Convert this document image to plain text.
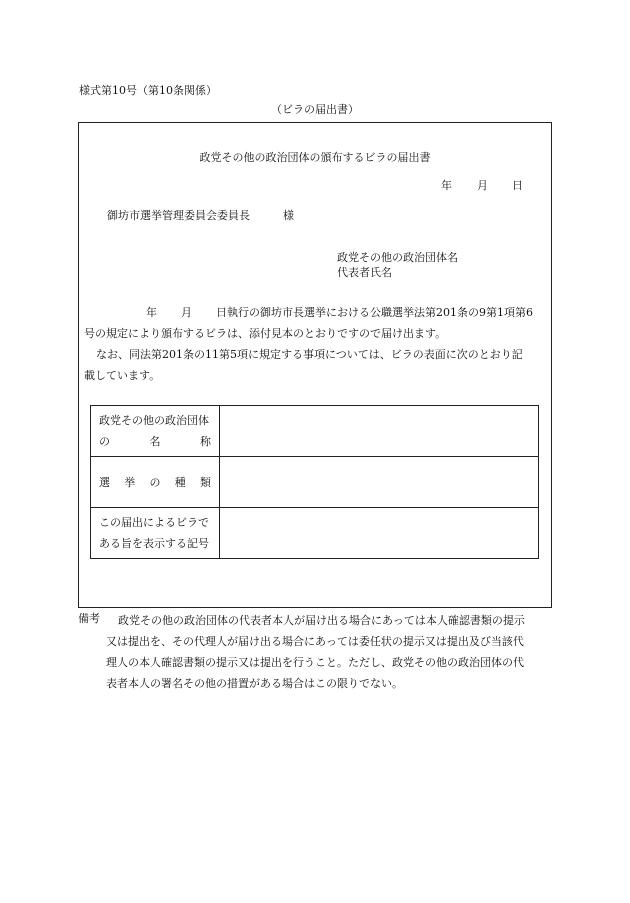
様式第10号（第10条関係）
（ビラの届出書）
政党その他の政治団体の頒布するビラの届出書
年 月 日
御坊市選挙管理委員会委員長	様
政党その他の政治団体名
代表者氏名
年 月 日執行の御坊市長選挙における公職選挙法第201条の9第1項第6
号の規定により頒布するビラは、添付見本のとおりですので届け出ます。
なお、同法第201条の11第5項に規定する事項については、ビラの表面に次のとおり記
載しています。
政党その他の政治団体
の 名 称	

選 挙 の 種 類	

この届出によるビラで
ある旨を表示する記号	

備考 政党その他の政治団体の代表者本人が届け出る場合にあっては本人確認書類の提示
又は提出を、その代理人が届け出る場合にあっては委任状の提示又は提出及び当該代
理人の本人確認書類の提示又は提出を行うこと。ただし、政党その他の政治団体の代
表者本人の署名その他の措置がある場合はこの限りでない。
